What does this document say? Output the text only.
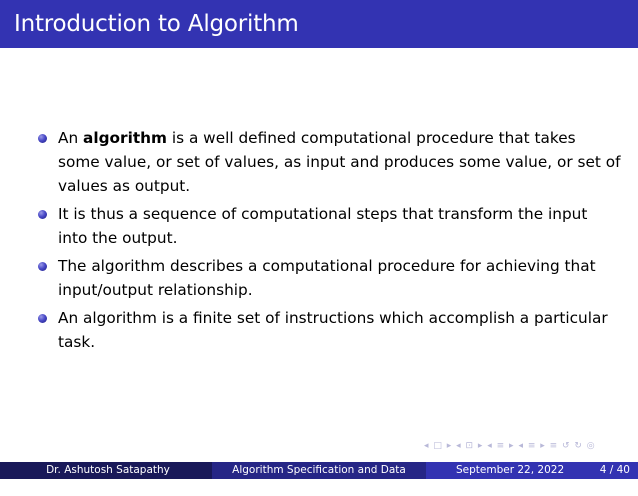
Introduction to Algorithm
An algorithm is a well defined computational procedure that takes some value, or set of values, as input and produces some value, or set of values as output.
It is thus a sequence of computational steps that transform the input into the output.
The algorithm describes a computational procedure for achieving that input/output relationship.
An algorithm is a finite set of instructions which accomplish a particular task.
◂ □ ▸ ◂ ⊡ ▸ ◂ ≡ ▸ ◂ ≡ ▸ ≡ ↺ ↻ ◎
Dr. Ashutosh Satapathy	Algorithm Specification and Data Abstraction
September 22, 2022	4 / 40
